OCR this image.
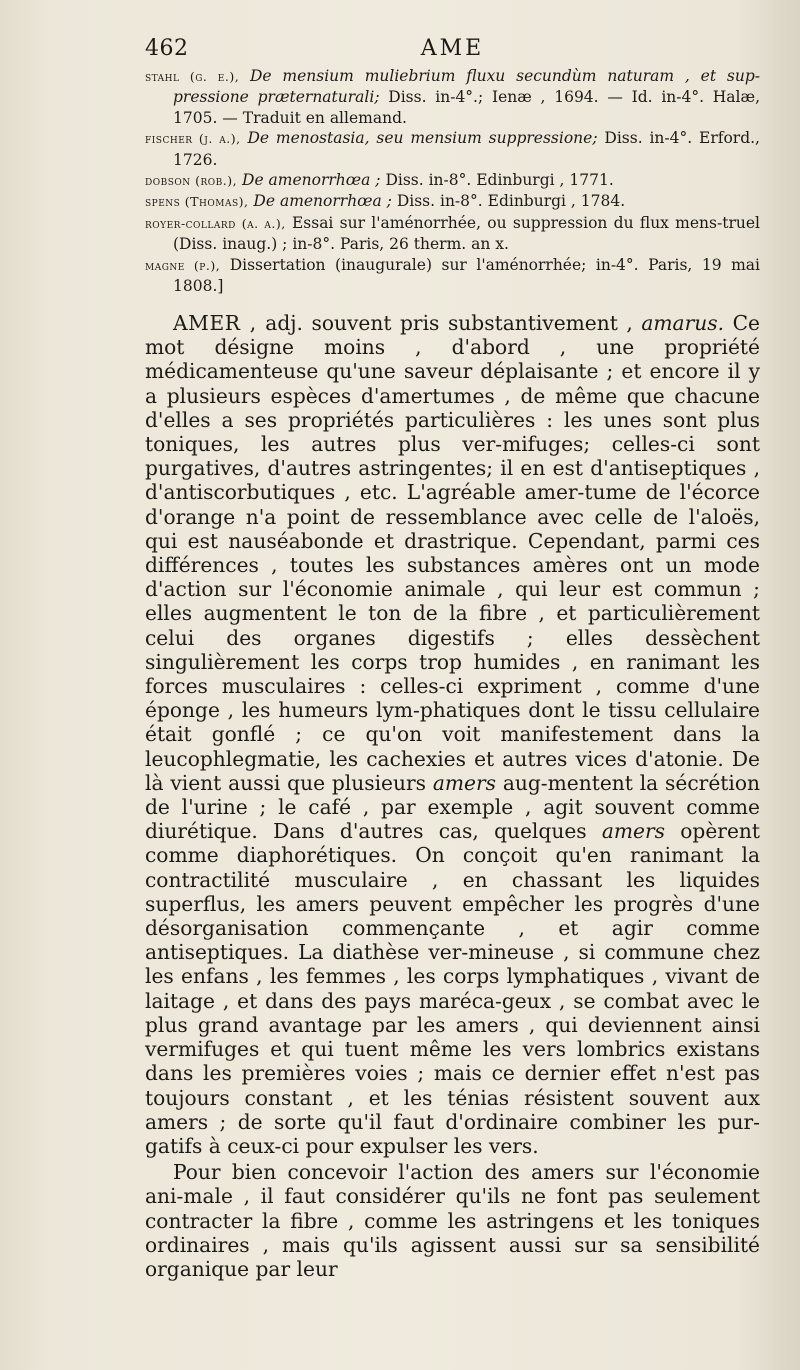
462	AME

stahl (g. e.), De mensium muliebrium fluxu secundùm naturam , et sup- pressione præternaturali; Diss. in-4°.; Ienæ , 1694. — Id. in-4°. Halæ, 1705. — Traduit en allemand.

fischer (j. a.), De menostasia, seu mensium suppressione; Diss. in-4°. Erford., 1726.

dobson (rob.), De amenorrhœa ; Diss. in-8°. Edinburgi , 1771.

spens (Thomas), De amenorrhœa ; Diss. in-8°. Edinburgi , 1784.

royer-collard (a. a.), Essai sur l'aménorrhée, ou suppression du flux mens-truel (Diss. inaug.) ; in-8°. Paris, 26 therm. an x.

magne (p.), Dissertation (inaugurale) sur l'aménorrhée; in-4°. Paris, 19 mai 1808.]

AMER , adj. souvent pris substantivement , amarus. Ce mot désigne moins , d'abord , une propriété médicamenteuse qu'une saveur déplaisante ; et encore il y a plusieurs espèces d'amertumes , de même que chacune d'elles a ses propriétés particulières : les unes sont plus toniques, les autres plus ver-mifuges; celles-ci sont purgatives, d'autres astringentes; il en est d'antiseptiques , d'antiscorbutiques , etc. L'agréable amer-tume de l'écorce d'orange n'a point de ressemblance avec celle de l'aloës, qui est nauséabonde et drastrique. Cependant, parmi ces différences , toutes les substances amères ont un mode d'action sur l'économie animale , qui leur est commun ; elles augmentent le ton de la fibre , et particulièrement celui des organes digestifs ; elles dessèchent singulièrement les corps trop humides , en ranimant les forces musculaires : celles-ci expriment , comme d'une éponge , les humeurs lym-phatiques dont le tissu cellulaire était gonflé ; ce qu'on voit manifestement dans la leucophlegmatie, les cachexies et autres vices d'atonie. De là vient aussi que plusieurs amers aug-mentent la sécrétion de l'urine ; le café , par exemple , agit souvent comme diurétique. Dans d'autres cas, quelques amers opèrent comme diaphorétiques. On conçoit qu'en ranimant la contractilité musculaire , en chassant les liquides superflus, les amers peuvent empêcher les progrès d'une désorganisation commençante , et agir comme antiseptiques. La diathèse ver-mineuse , si commune chez les enfans , les femmes , les corps lymphatiques , vivant de laitage , et dans des pays maréca-geux , se combat avec le plus grand avantage par les amers , qui deviennent ainsi vermifuges et qui tuent même les vers lombrics existans dans les premières voies ; mais ce dernier effet n'est pas toujours constant , et les ténias résistent souvent aux amers ; de sorte qu'il faut d'ordinaire combiner les pur-gatifs à ceux-ci pour expulser les vers.

Pour bien concevoir l'action des amers sur l'économie ani-male , il faut considérer qu'ils ne font pas seulement contracter la fibre , comme les astringens et les toniques ordinaires , mais qu'ils agissent aussi sur sa sensibilité organique par leur
